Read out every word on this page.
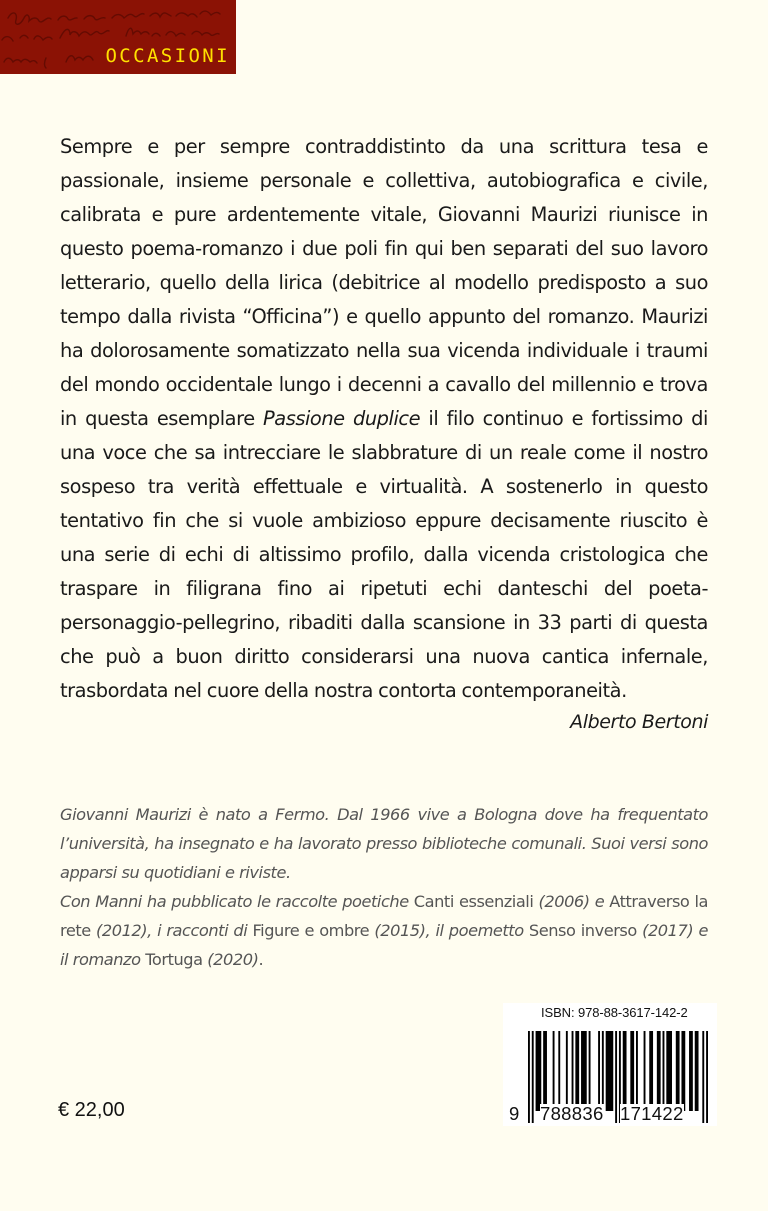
OCCASIONI

Sempre e per sempre contraddistinto da una scrittura tesa e passionale, insieme personale e collettiva, autobiografica e civile, calibrata e pure ardentemente vitale, Giovanni Maurizi riunisce in questo poema-romanzo i due poli fin qui ben separati del suo lavoro letterario, quello della lirica (debitrice al modello predisposto a suo tempo dalla rivista “Officina”) e quello appunto del romanzo. Maurizi ha dolorosamente somatizzato nella sua vicenda individuale i traumi del mondo occidentale lungo i decenni a cavallo del millennio e trova in questa esemplare Passione duplice il filo continuo e fortissimo di una voce che sa intrecciare le slabbrature di un reale come il nostro sospeso tra verità effettuale e virtualità. A sostenerlo in questo tentativo fin che si vuole ambizioso eppure decisamente riuscito è una serie di echi di altissimo profilo, dalla vicenda cristologica che traspare in filigrana fino ai ripetuti echi danteschi del poeta-personaggio-pellegrino, ribaditi dalla scansione in 33 parti di questa che può a buon diritto considerarsi una nuova cantica infernale, trasbordata nel cuore della nostra contorta contemporaneità.

Alberto Bertoni

Giovanni Maurizi è nato a Fermo. Dal 1966 vive a Bologna dove ha frequentato l’università, ha insegnato e ha lavorato presso biblioteche comunali. Suoi versi sono apparsi su quotidiani e riviste.

Con Manni ha pubblicato le raccolte poetiche Canti essenziali (2006) e Attraverso la rete (2012), i racconti di Figure e ombre (2015), il poemetto Senso inverso (2017) e il romanzo Tortuga (2020).

€ 22,00
ISBN: 978-88-3617-142-2
9 788836 171422
